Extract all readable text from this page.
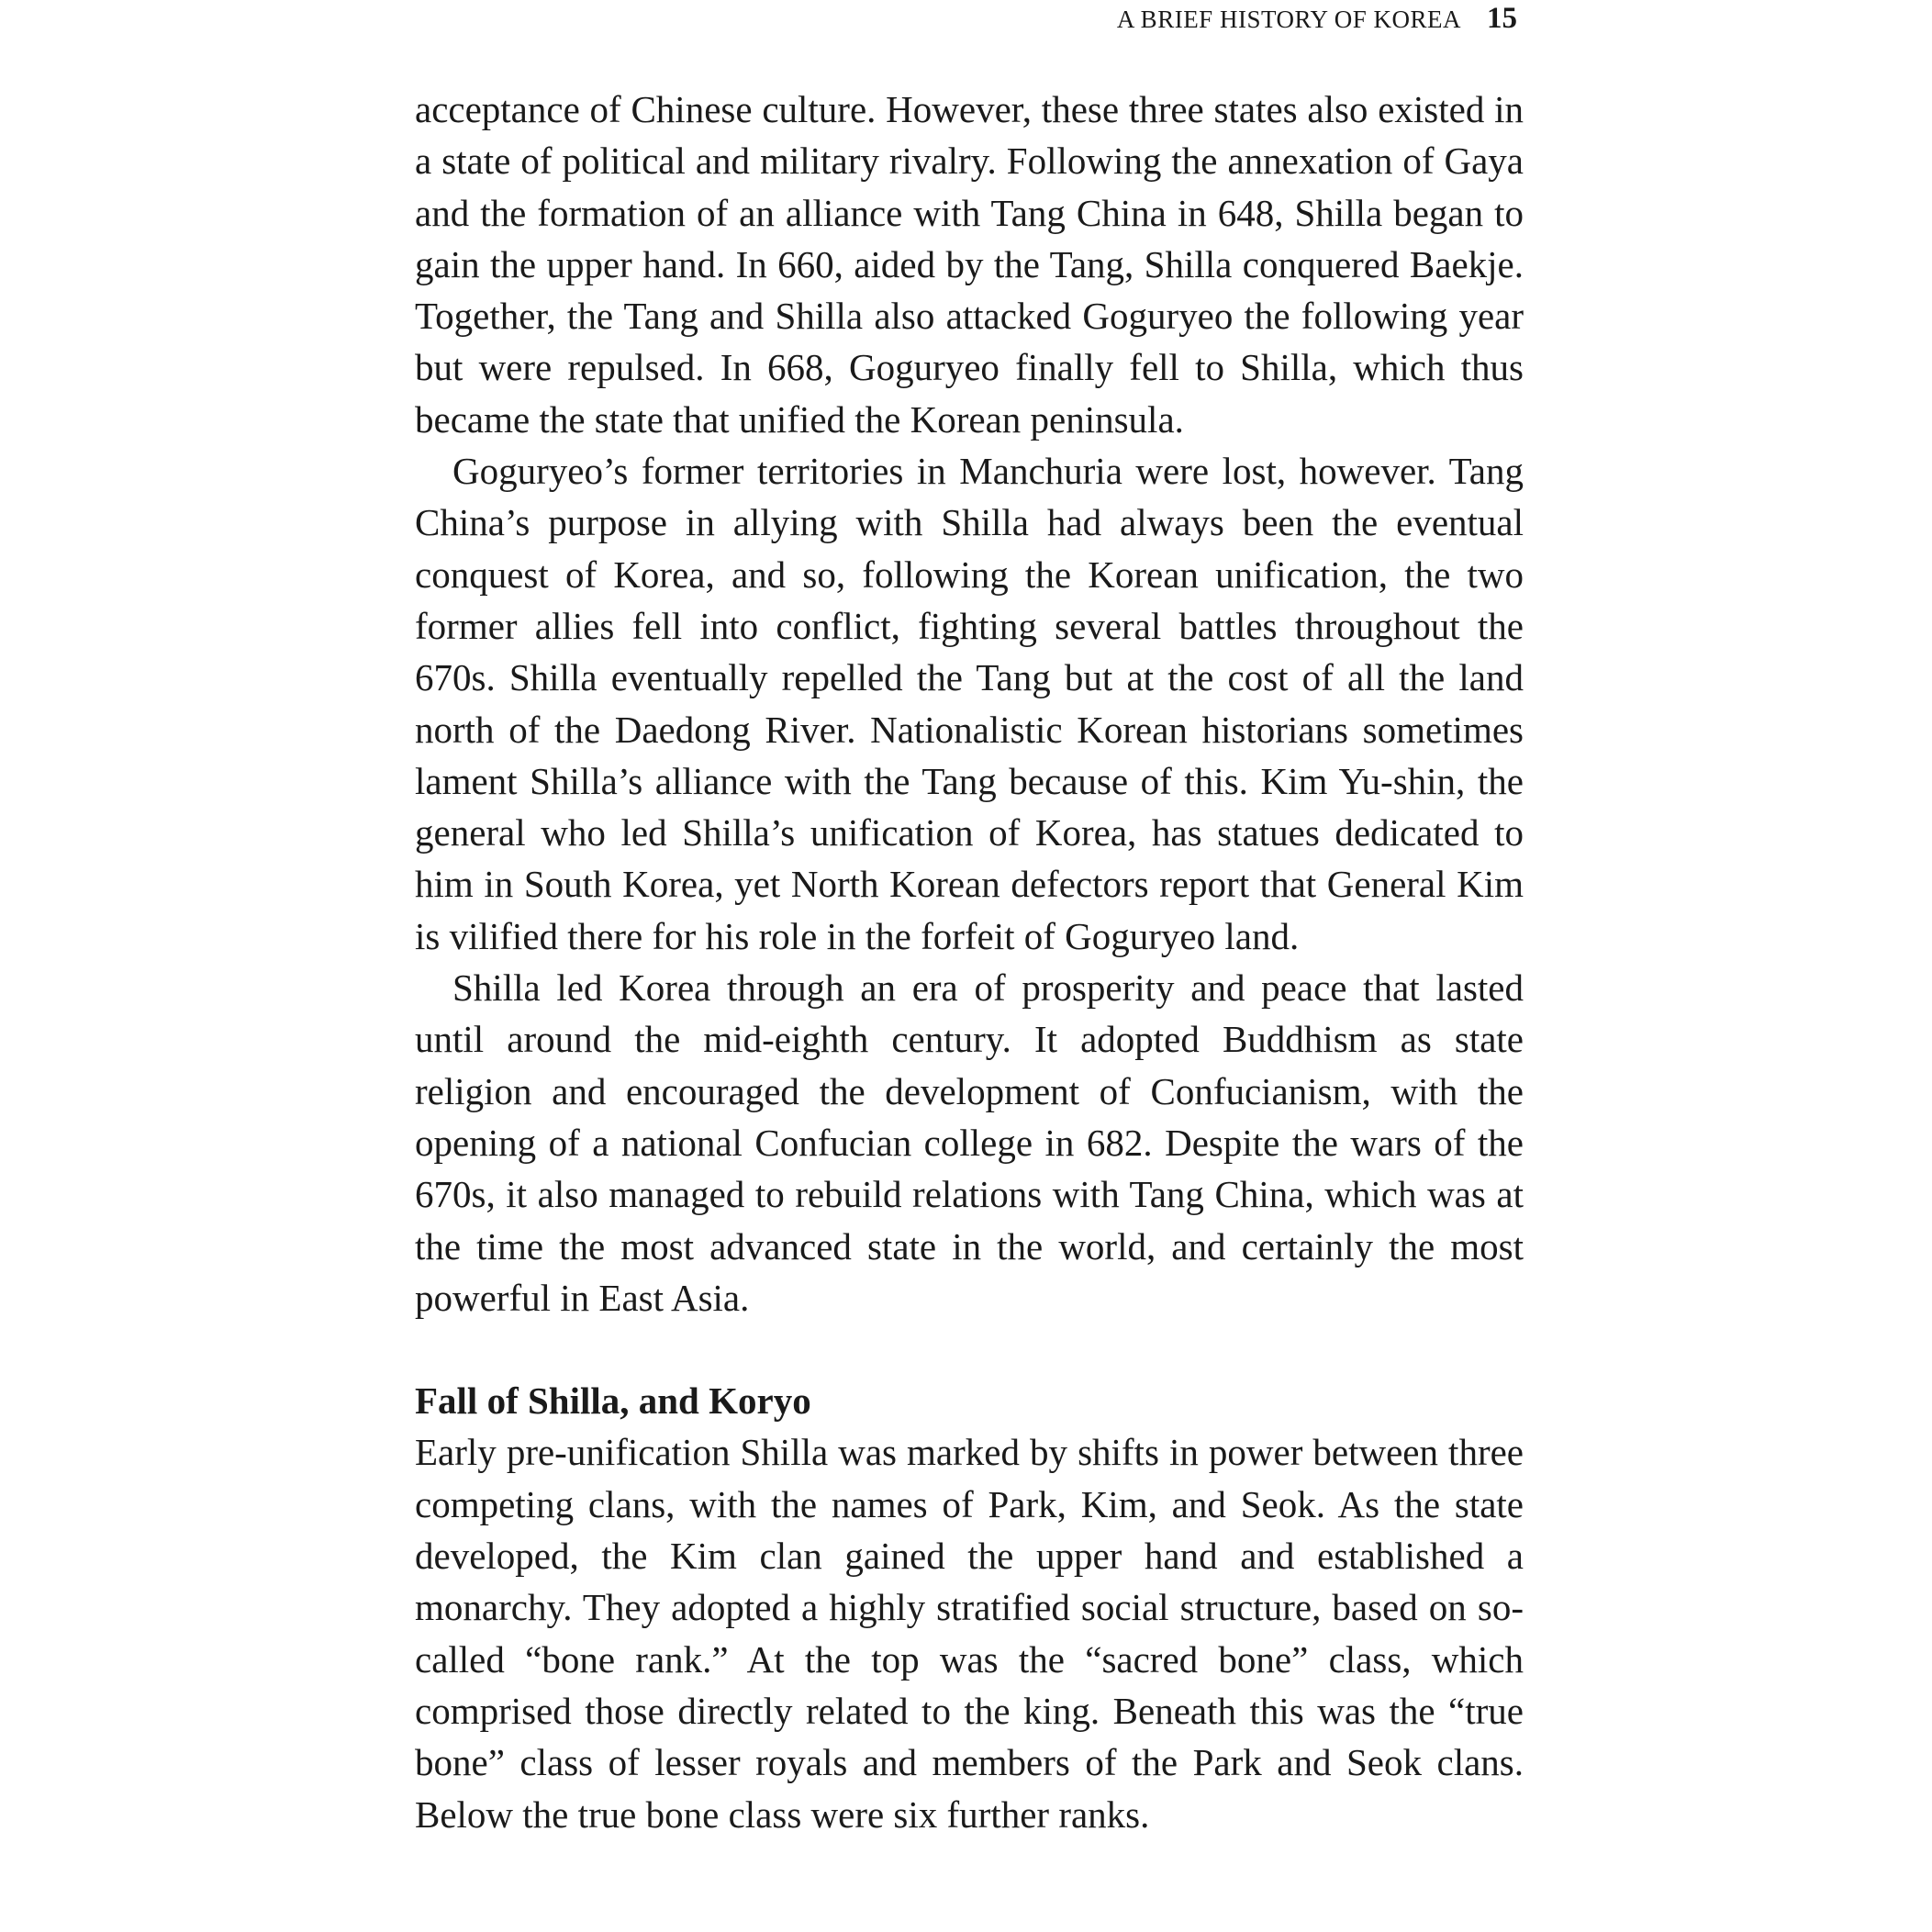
A BRIEF HISTORY OF KOREA 15

acceptance of Chinese culture. However, these three states also existed in a state of political and military rivalry. Following the annexation of Gaya and the formation of an alliance with Tang China in 648, Shilla began to gain the upper hand. In 660, aided by the Tang, Shilla conquered Baekje. Together, the Tang and Shilla also attacked Goguryeo the following year but were repulsed. In 668, Goguryeo finally fell to Shilla, which thus became the state that unified the Korean peninsula.

Goguryeo’s former territories in Manchuria were lost, however. Tang China’s purpose in allying with Shilla had always been the eventual conquest of Korea, and so, following the Korean unification, the two former allies fell into conflict, fighting several battles throughout the 670s. Shilla eventually repelled the Tang but at the cost of all the land north of the Daedong River. Nationalistic Korean historians sometimes lament Shilla’s alliance with the Tang because of this. Kim Yu-shin, the general who led Shilla’s unification of Korea, has statues dedicated to him in South Korea, yet North Korean defectors report that General Kim is vilified there for his role in the forfeit of Goguryeo land.

Shilla led Korea through an era of prosperity and peace that lasted until around the mid-eighth century. It adopted Buddhism as state religion and encouraged the development of Confucianism, with the opening of a national Confucian college in 682. Despite the wars of the 670s, it also managed to rebuild relations with Tang China, which was at the time the most advanced state in the world, and certainly the most powerful in East Asia.

Fall of Shilla, and Koryo

Early pre-unification Shilla was marked by shifts in power between three competing clans, with the names of Park, Kim, and Seok. As the state developed, the Kim clan gained the upper hand and established a monarchy. They adopted a highly stratified social structure, based on so-called “bone rank.” At the top was the “sacred bone” class, which comprised those directly related to the king. Beneath this was the “true bone” class of lesser royals and members of the Park and Seok clans. Below the true bone class were six further ranks.
